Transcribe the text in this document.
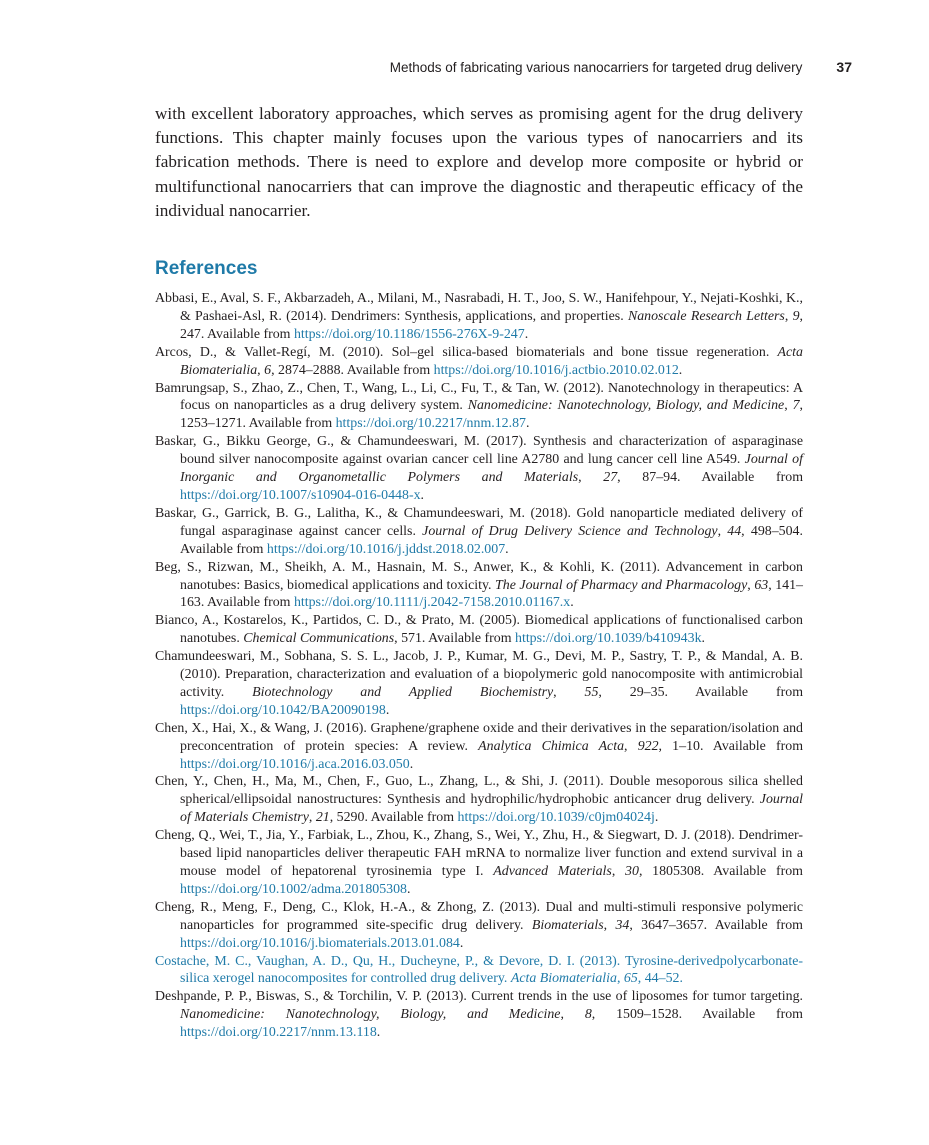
Methods of fabricating various nanocarriers for targeted drug delivery 37

with excellent laboratory approaches, which serves as promising agent for the drug delivery functions. This chapter mainly focuses upon the various types of nanocarriers and its fabrication methods. There is need to explore and develop more composite or hybrid or multifunctional nanocarriers that can improve the diagnostic and therapeutic efficacy of the individual nanocarrier.

References
Abbasi, E., Aval, S. F., Akbarzadeh, A., Milani, M., Nasrabadi, H. T., Joo, S. W., Hanifehpour, Y., Nejati-Koshki, K., & Pashaei-Asl, R. (2014). Dendrimers: Synthesis, applications, and properties. Nanoscale Research Letters, 9, 247. Available from https://doi.org/10.1186/1556-276X-9-247.
Arcos, D., & Vallet-Regí, M. (2010). Sol–gel silica-based biomaterials and bone tissue regeneration. Acta Biomaterialia, 6, 2874–2888. Available from https://doi.org/10.1016/j.actbio.2010.02.012.
Bamrungsap, S., Zhao, Z., Chen, T., Wang, L., Li, C., Fu, T., & Tan, W. (2012). Nanotechnology in therapeutics: A focus on nanoparticles as a drug delivery system. Nanomedicine: Nanotechnology, Biology, and Medicine, 7, 1253–1271. Available from https://doi.org/10.2217/nnm.12.87.
Baskar, G., Bikku George, G., & Chamundeeswari, M. (2017). Synthesis and characterization of asparaginase bound silver nanocomposite against ovarian cancer cell line A2780 and lung cancer cell line A549. Journal of Inorganic and Organometallic Polymers and Materials, 27, 87–94. Available from https://doi.org/10.1007/s10904-016-0448-x.
Baskar, G., Garrick, B. G., Lalitha, K., & Chamundeeswari, M. (2018). Gold nanoparticle mediated delivery of fungal asparaginase against cancer cells. Journal of Drug Delivery Science and Technology, 44, 498–504. Available from https://doi.org/10.1016/j.jddst.2018.02.007.
Beg, S., Rizwan, M., Sheikh, A. M., Hasnain, M. S., Anwer, K., & Kohli, K. (2011). Advancement in carbon nanotubes: Basics, biomedical applications and toxicity. The Journal of Pharmacy and Pharmacology, 63, 141–163. Available from https://doi.org/10.1111/j.2042-7158.2010.01167.x.
Bianco, A., Kostarelos, K., Partidos, C. D., & Prato, M. (2005). Biomedical applications of functionalised carbon nanotubes. Chemical Communications, 571. Available from https://doi.org/10.1039/b410943k.
Chamundeeswari, M., Sobhana, S. S. L., Jacob, J. P., Kumar, M. G., Devi, M. P., Sastry, T. P., & Mandal, A. B. (2010). Preparation, characterization and evaluation of a biopolymeric gold nanocomposite with antimicrobial activity. Biotechnology and Applied Biochemistry, 55, 29–35. Available from https://doi.org/10.1042/BA20090198.
Chen, X., Hai, X., & Wang, J. (2016). Graphene/graphene oxide and their derivatives in the separation/isolation and preconcentration of protein species: A review. Analytica Chimica Acta, 922, 1–10. Available from https://doi.org/10.1016/j.aca.2016.03.050.
Chen, Y., Chen, H., Ma, M., Chen, F., Guo, L., Zhang, L., & Shi, J. (2011). Double mesoporous silica shelled spherical/ellipsoidal nanostructures: Synthesis and hydrophilic/hydrophobic anticancer drug delivery. Journal of Materials Chemistry, 21, 5290. Available from https://doi.org/10.1039/c0jm04024j.
Cheng, Q., Wei, T., Jia, Y., Farbiak, L., Zhou, K., Zhang, S., Wei, Y., Zhu, H., & Siegwart, D. J. (2018). Dendrimer-based lipid nanoparticles deliver therapeutic FAH mRNA to normalize liver function and extend survival in a mouse model of hepatorenal tyrosinemia type I. Advanced Materials, 30, 1805308. Available from https://doi.org/10.1002/adma.201805308.
Cheng, R., Meng, F., Deng, C., Klok, H.-A., & Zhong, Z. (2013). Dual and multi-stimuli responsive polymeric nanoparticles for programmed site-specific drug delivery. Biomaterials, 34, 3647–3657. Available from https://doi.org/10.1016/j.biomaterials.2013.01.084.
Costache, M. C., Vaughan, A. D., Qu, H., Ducheyne, P., & Devore, D. I. (2013). Tyrosine-derivedpolycarbonate-silica xerogel nanocomposites for controlled drug delivery. Acta Biomaterialia, 65, 44–52.
Deshpande, P. P., Biswas, S., & Torchilin, V. P. (2013). Current trends in the use of liposomes for tumor targeting. Nanomedicine: Nanotechnology, Biology, and Medicine, 8, 1509–1528. Available from https://doi.org/10.2217/nnm.13.118.
